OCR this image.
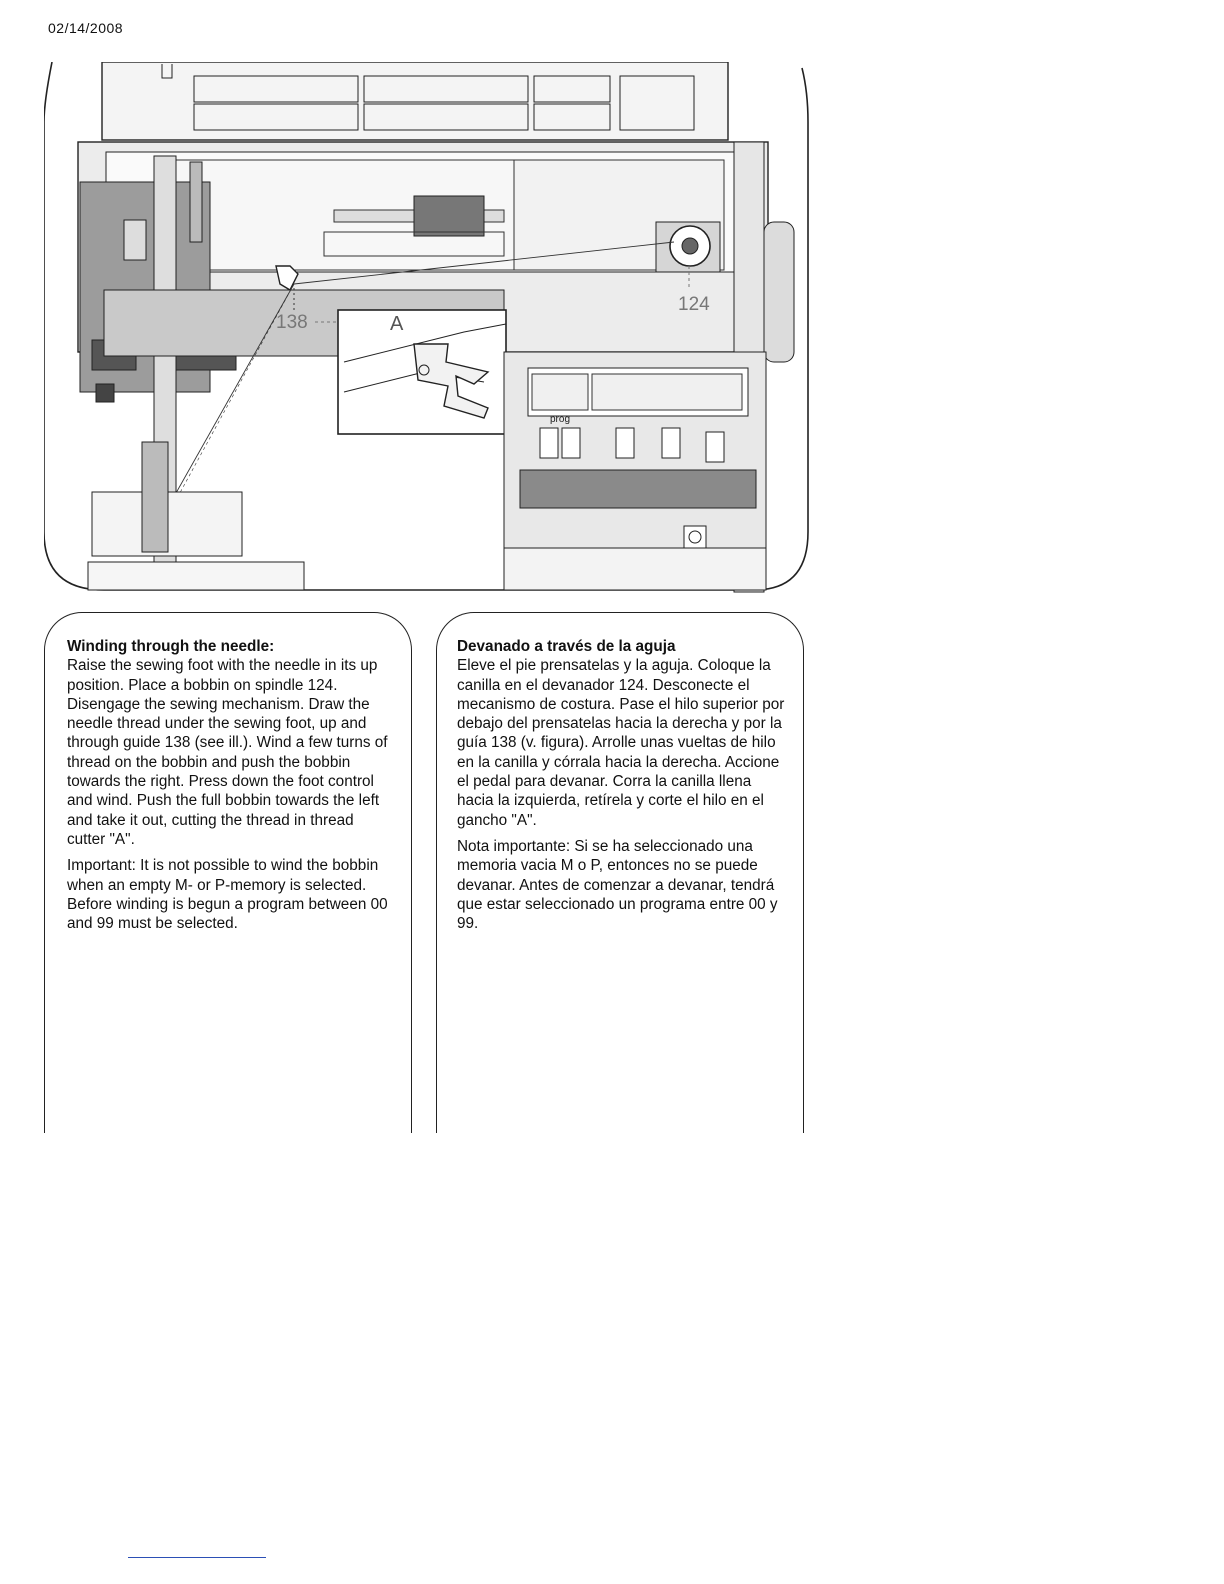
02/14/2008
138
124
A
prog
Winding through the needle:

Raise the sewing foot with the needle in its up position. Place a bobbin on spindle 124. Disengage the sewing mechanism. Draw the needle thread under the sewing foot, up and through guide 138 (see ill.). Wind a few turns of thread on the bobbin and push the bobbin towards the right. Press down the foot control and wind. Push the full bobbin towards the left and take it out, cutting the thread in thread cutter "A".

Important: It is not possible to wind the bobbin when an empty M- or P-memory is selected. Before winding is begun a program between 00 and 99 must be selected.

Devanado a través de la aguja

Eleve el pie prensatelas y la aguja. Coloque la canilla en el devanador 124. Desconecte el mecanismo de costura. Pase el hilo superior por debajo del prensatelas hacia la derecha y por la guía 138 (v. figura). Arrolle unas vueltas de hilo en la canilla y córrala hacia la derecha. Accione el pedal para devanar. Corra la canilla llena hacia la izquierda, retírela y corte el hilo en el gancho "A".

Nota importante: Si se ha seleccionado una memoria vacia M o P, entonces no se puede devanar. Antes de comenzar a devanar, tendrá que estar seleccionado un programa entre 00 y 99.
